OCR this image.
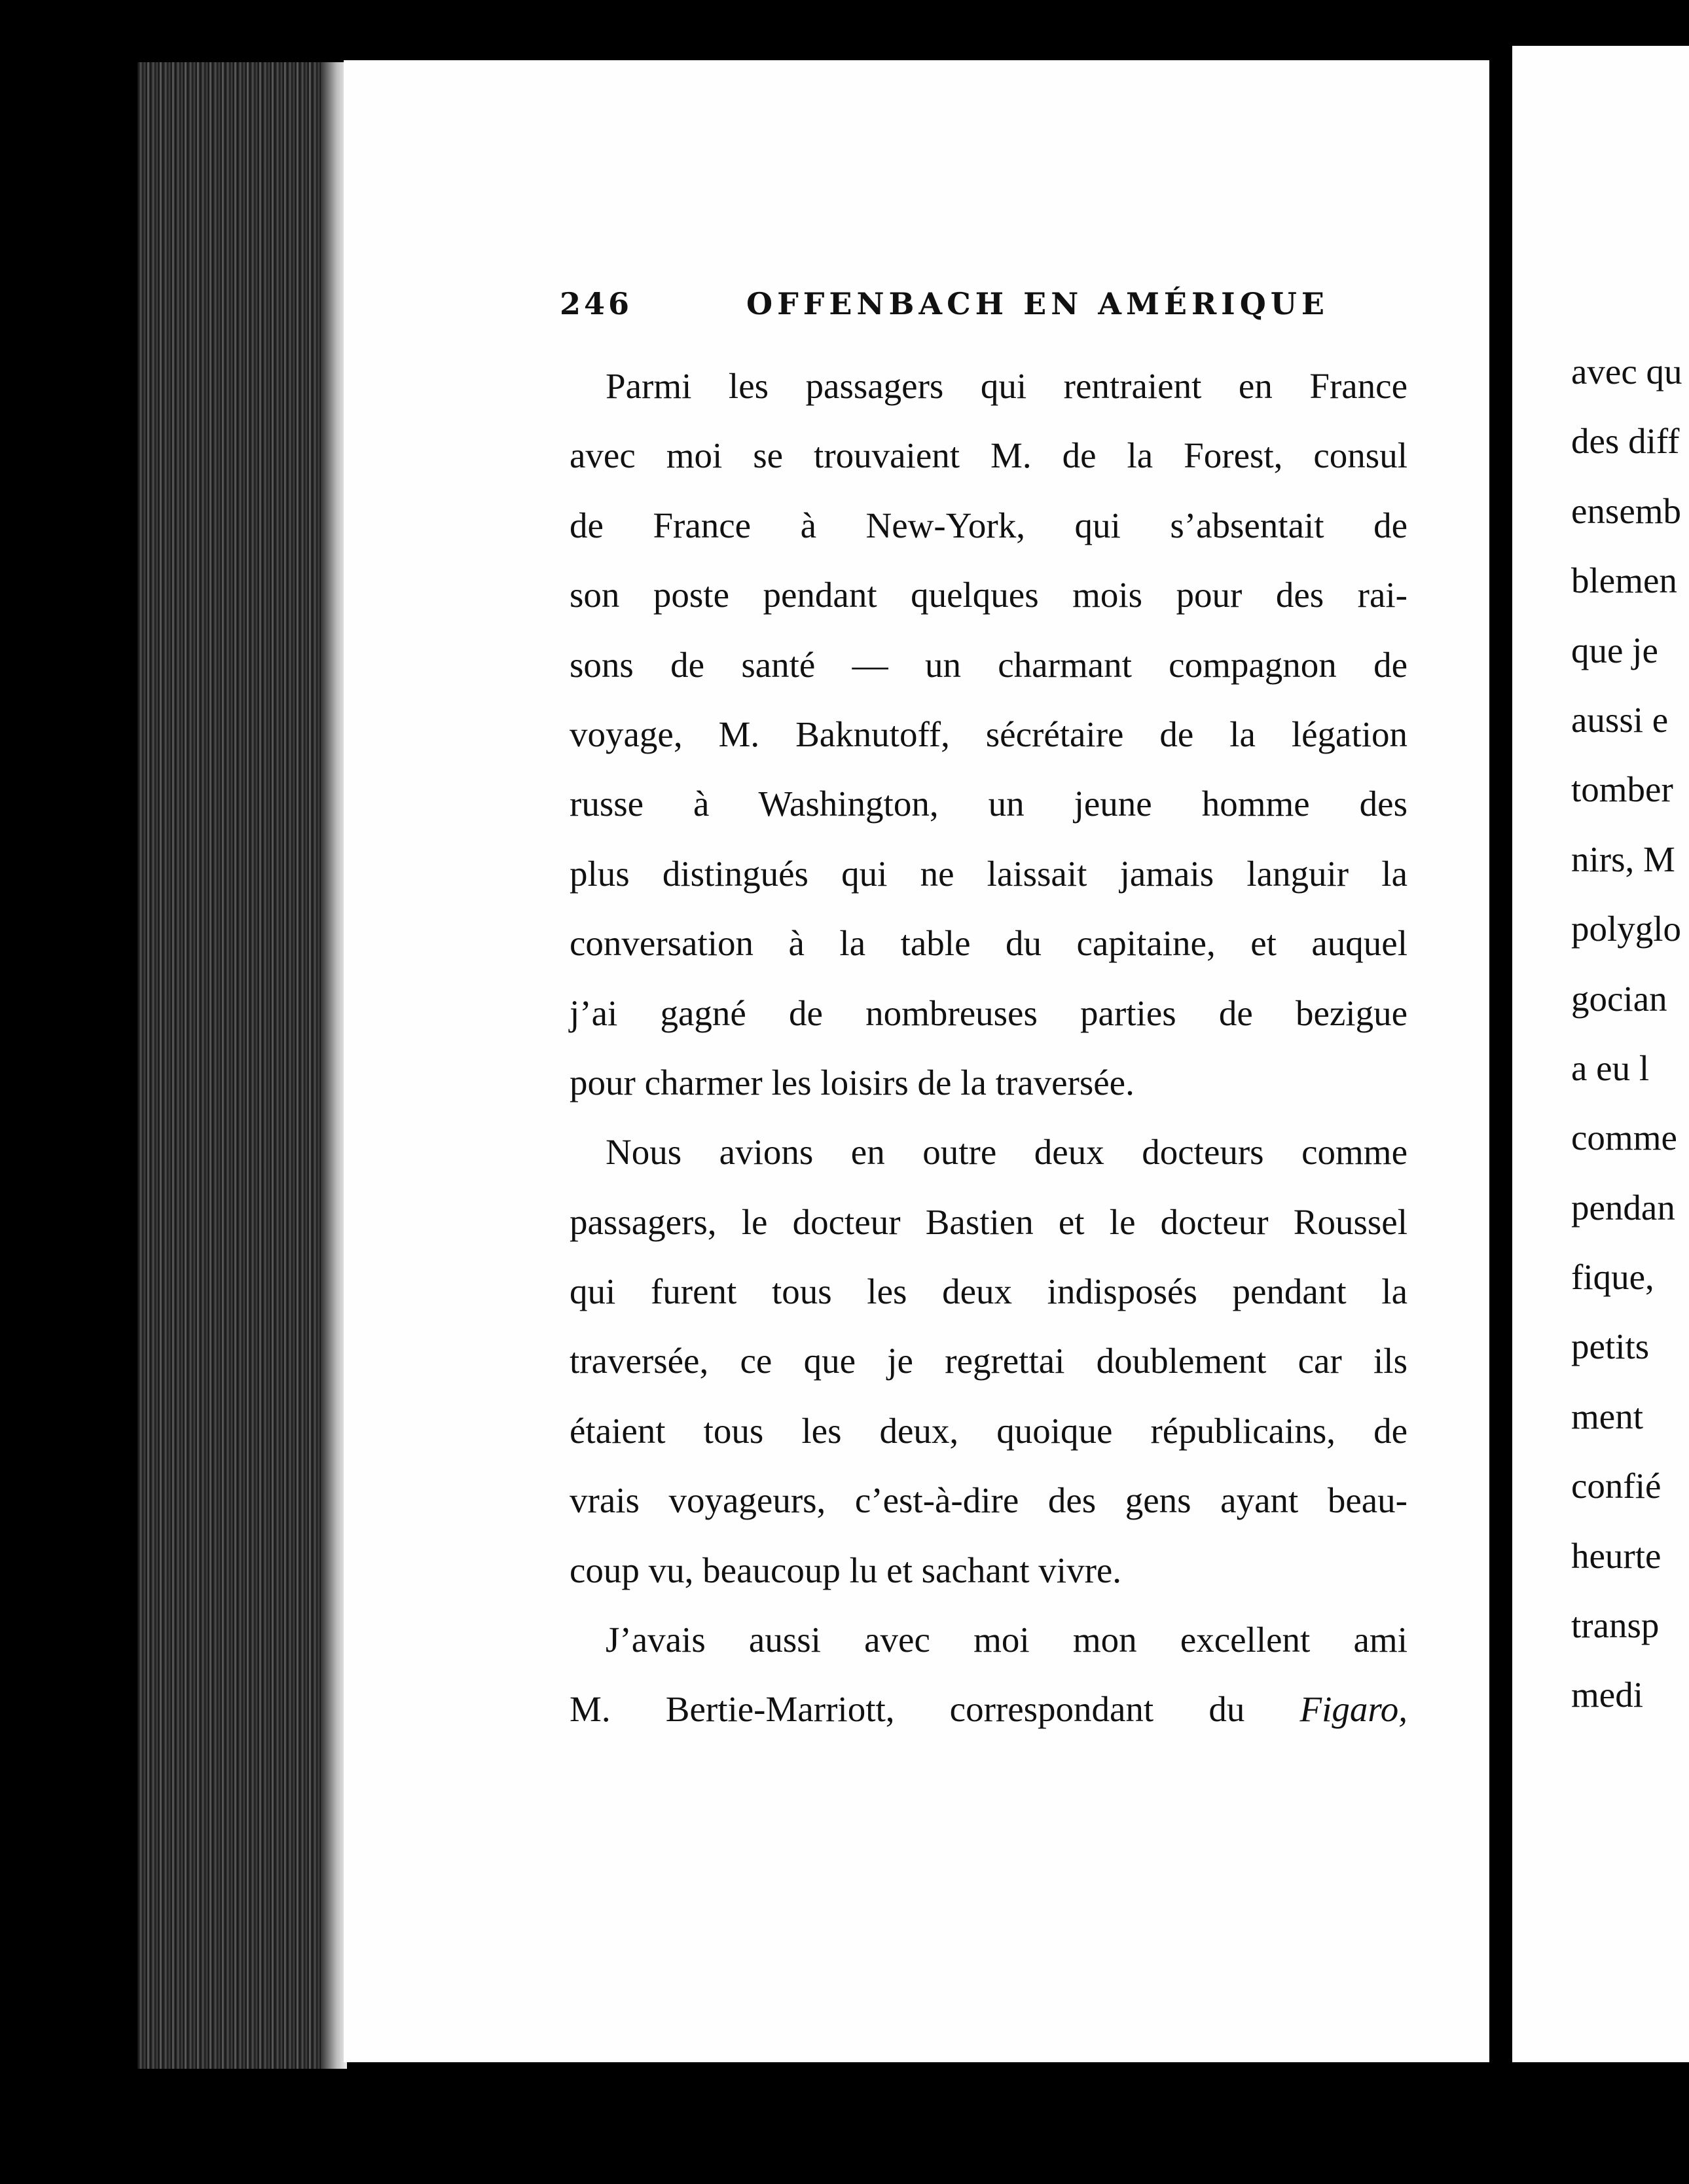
246	OFFENBACH EN AMÉRIQUE
Parmi les passagers qui rentraient en France
avec moi se trouvaient M. de la Forest, consul
de France à New-York, qui s’absentait de
son poste pendant quelques mois pour des rai-
sons de santé — un charmant compagnon de
voyage, M. Baknutoff, sécrétaire de la légation
russe à Washington, un jeune homme des
plus distingués qui ne laissait jamais languir la
conversation à la table du capitaine, et auquel
j’ai gagné de nombreuses parties de bezigue
pour charmer les loisirs de la traversée.
Nous avions en outre deux docteurs comme
passagers, le docteur Bastien et le docteur Roussel
qui furent tous les deux indisposés pendant la
traversée, ce que je regrettai doublement car ils
étaient tous les deux, quoique républicains, de
vrais voyageurs, c’est-à-dire des gens ayant beau-
coup vu, beaucoup lu et sachant vivre.
J’avais aussi avec moi mon excellent ami
M. Bertie-Marriott, correspondant du Figaro,
avec qu
des diff
ensemb
blemen
que je
aussi e
tomber
nirs, M
polyglo
gocian
a eu l
comme
pendan
fique,
petits
ment
confié
heurte
transp
medi
